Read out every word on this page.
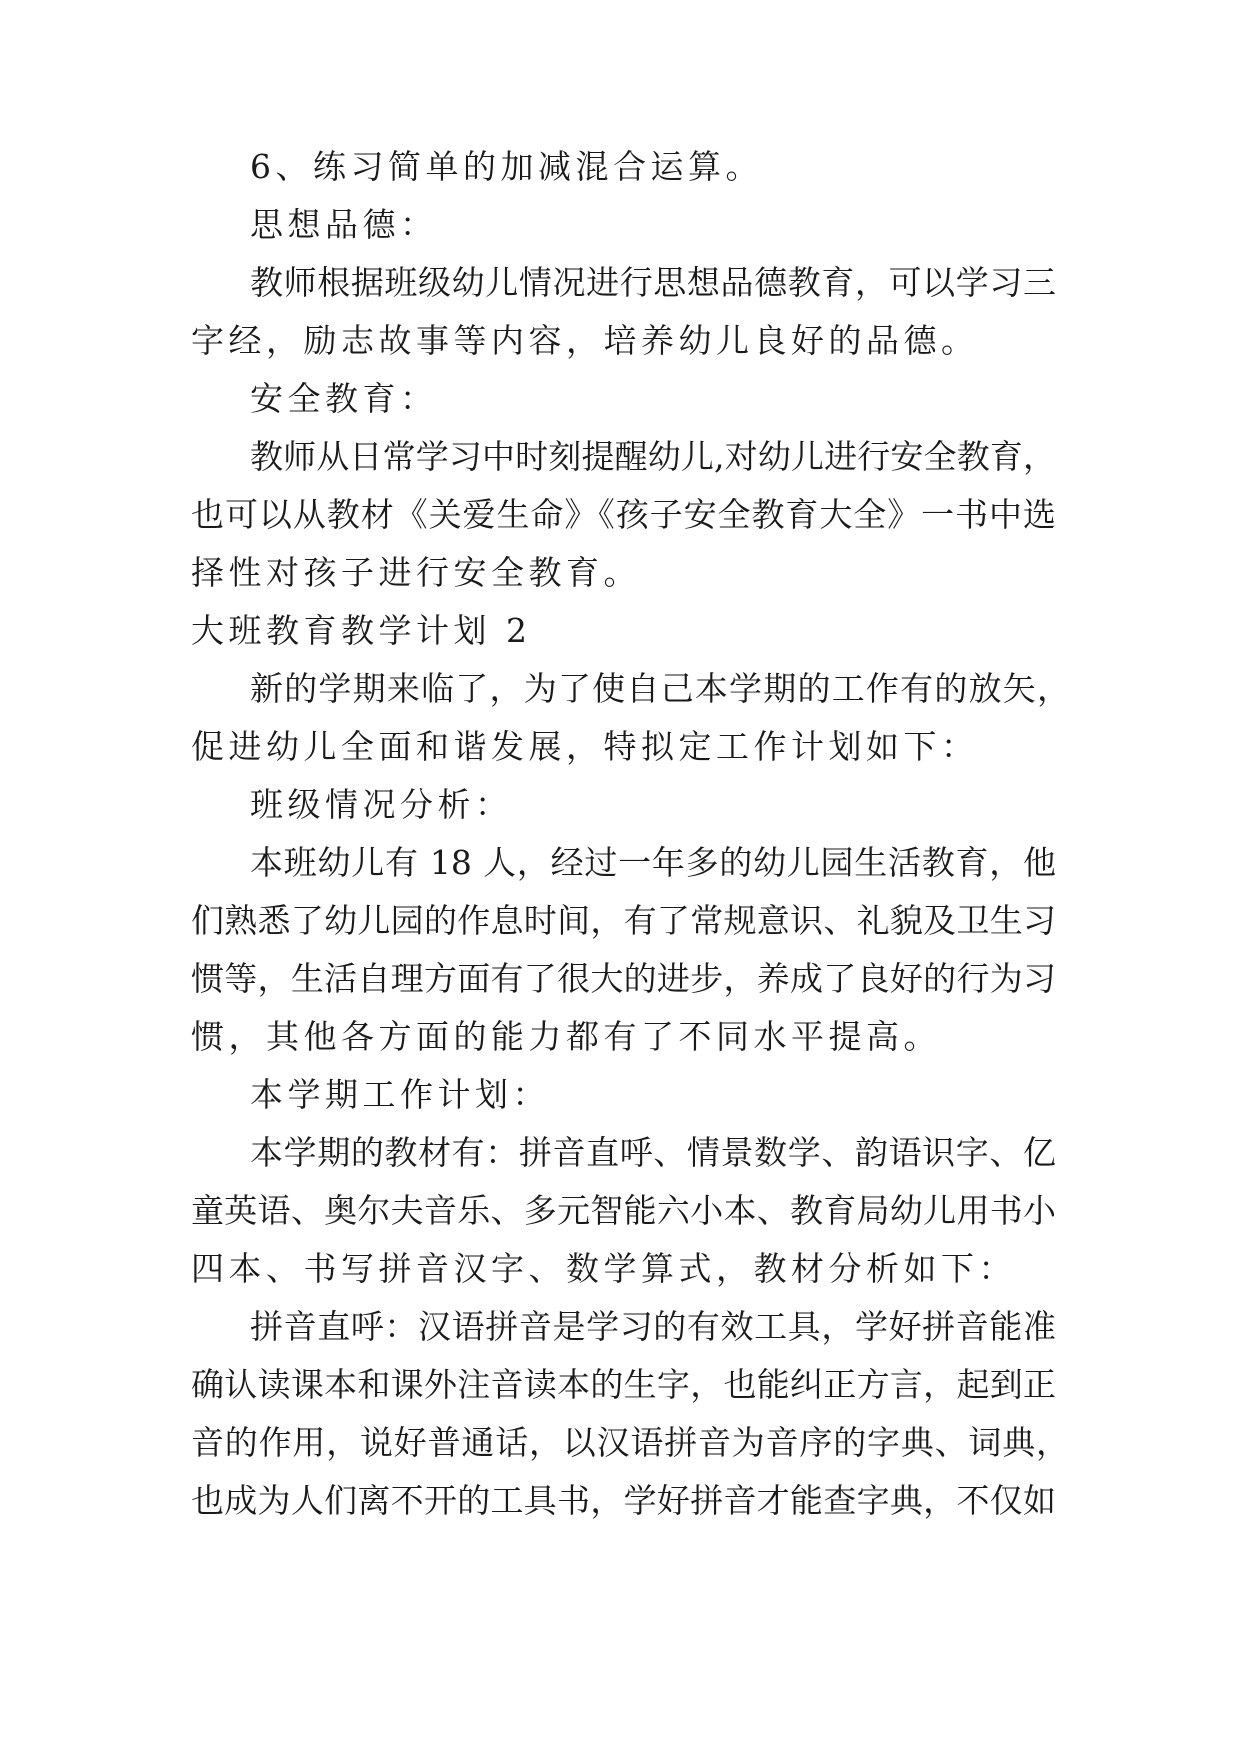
6、练习简单的加减混合运算。
思想品德：
教师根据班级幼儿情况进行思想品德教育，可以学习三
字经，励志故事等内容，培养幼儿良好的品德。
安全教育：
教师从日常学习中时刻提醒幼儿,对幼儿进行安全教育，
也可以从教材《关爱生命》《孩子安全教育大全》一书中选
择性对孩子进行安全教育。
大班教育教学计划 2
新的学期来临了，为了使自己本学期的工作有的放矢，
促进幼儿全面和谐发展，特拟定工作计划如下：
班级情况分析：
本班幼儿有 18 人，经过一年多的幼儿园生活教育，他
们熟悉了幼儿园的作息时间，有了常规意识、礼貌及卫生习
惯等，生活自理方面有了很大的进步，养成了良好的行为习
惯，其他各方面的能力都有了不同水平提高。
本学期工作计划：
本学期的教材有：拼音直呼、情景数学、韵语识字、亿
童英语、奥尔夫音乐、多元智能六小本、教育局幼儿用书小
四本、书写拼音汉字、数学算式，教材分析如下：
拼音直呼：汉语拼音是学习的有效工具，学好拼音能准
确认读课本和课外注音读本的生字，也能纠正方言，起到正
音的作用，说好普通话，以汉语拼音为音序的字典、词典，
也成为人们离不开的工具书，学好拼音才能查字典，不仅如
